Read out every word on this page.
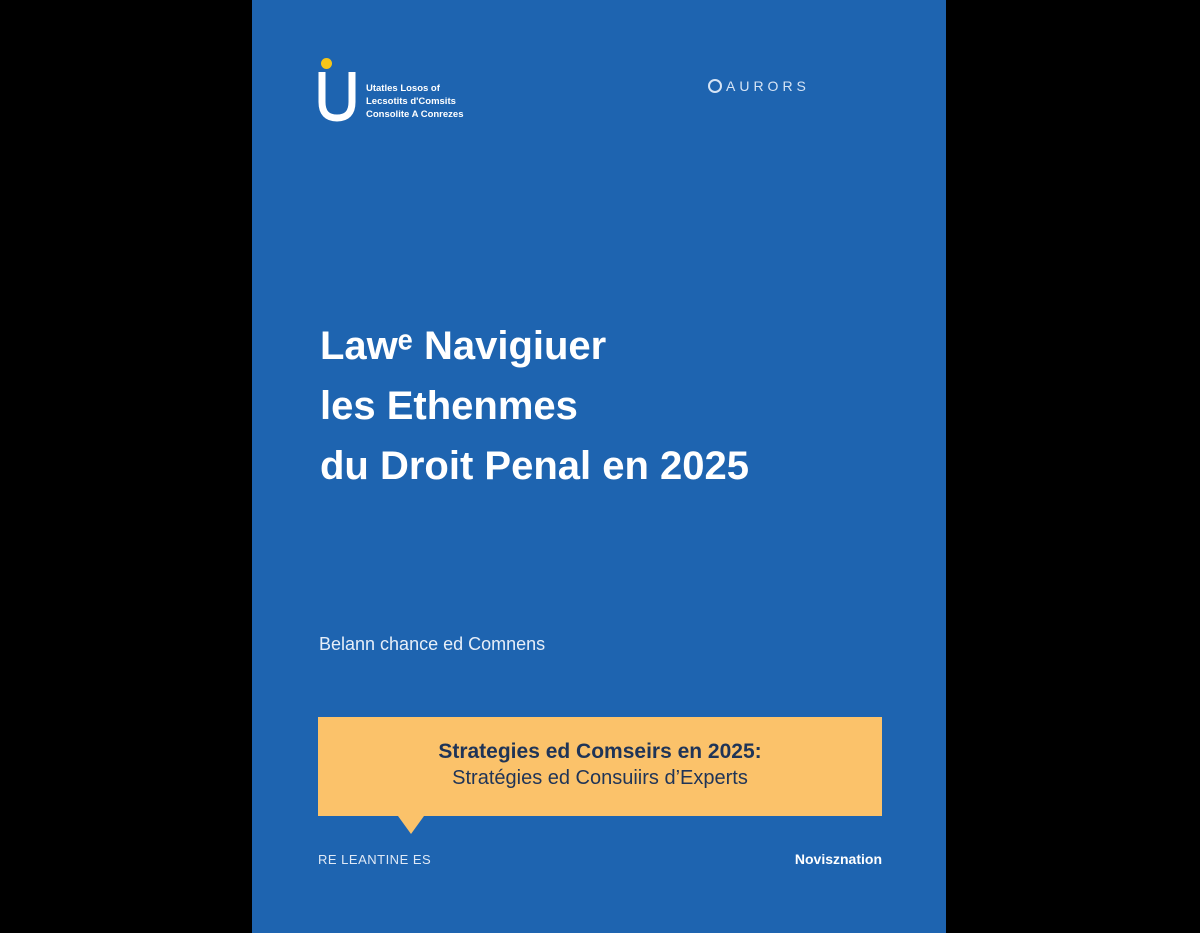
Utatles Losos of
Lecsotits d'Comsits
Consolite A Conrezes
AURORS
Lawᵉ Navigiuer
les Ethenmes
du Droit Penal en 2025
Belann chance ed Comnens
Strategies ed Comseirs en 2025:
Stratégies ed Consuiirs d’Experts
RE LEANTINE ES	Novisznation
